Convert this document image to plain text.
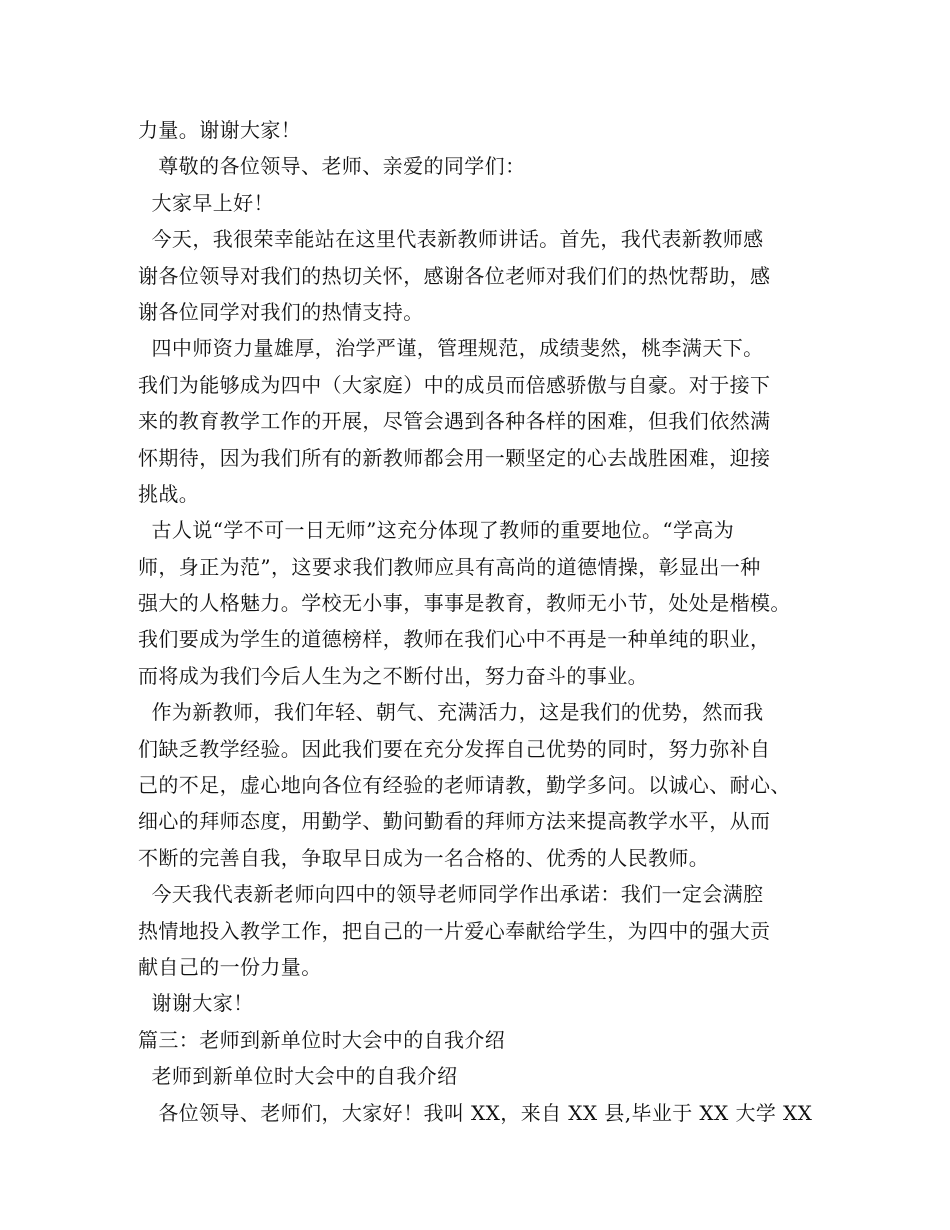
力量。谢谢大家！
尊敬的各位领导、老师、亲爱的同学们：
大家早上好！
今天，我很荣幸能站在这里代表新教师讲话。首先，我代表新教师感
谢各位领导对我们的热切关怀，感谢各位老师对我们们的热忱帮助，感
谢各位同学对我们的热情支持。
四中师资力量雄厚，治学严谨，管理规范，成绩斐然，桃李满天下。
我们为能够成为四中（大家庭）中的成员而倍感骄傲与自豪。对于接下
来的教育教学工作的开展，尽管会遇到各种各样的困难，但我们依然满
怀期待，因为我们所有的新教师都会用一颗坚定的心去战胜困难，迎接
挑战。
古人说“学不可一日无师”这充分体现了教师的重要地位。“学高为
师，身正为范”，这要求我们教师应具有高尚的道德情操，彰显出一种
强大的人格魅力。学校无小事，事事是教育，教师无小节，处处是楷模。
我们要成为学生的道德榜样，教师在我们心中不再是一种单纯的职业，
而将成为我们今后人生为之不断付出，努力奋斗的事业。
作为新教师，我们年轻、朝气、充满活力，这是我们的优势，然而我
们缺乏教学经验。因此我们要在充分发挥自己优势的同时，努力弥补自
己的不足，虚心地向各位有经验的老师请教，勤学多问。以诚心、耐心、
细心的拜师态度，用勤学、勤问勤看的拜师方法来提高教学水平，从而
不断的完善自我，争取早日成为一名合格的、优秀的人民教师。
今天我代表新老师向四中的领导老师同学作出承诺：我们一定会满腔
热情地投入教学工作，把自己的一片爱心奉献给学生，为四中的强大贡
献自己的一份力量。
谢谢大家！
篇三：老师到新单位时大会中的自我介绍
老师到新单位时大会中的自我介绍
各位领导、老师们，大家好！我叫 XX，来自 XX 县,毕业于 XX 大学 XX
